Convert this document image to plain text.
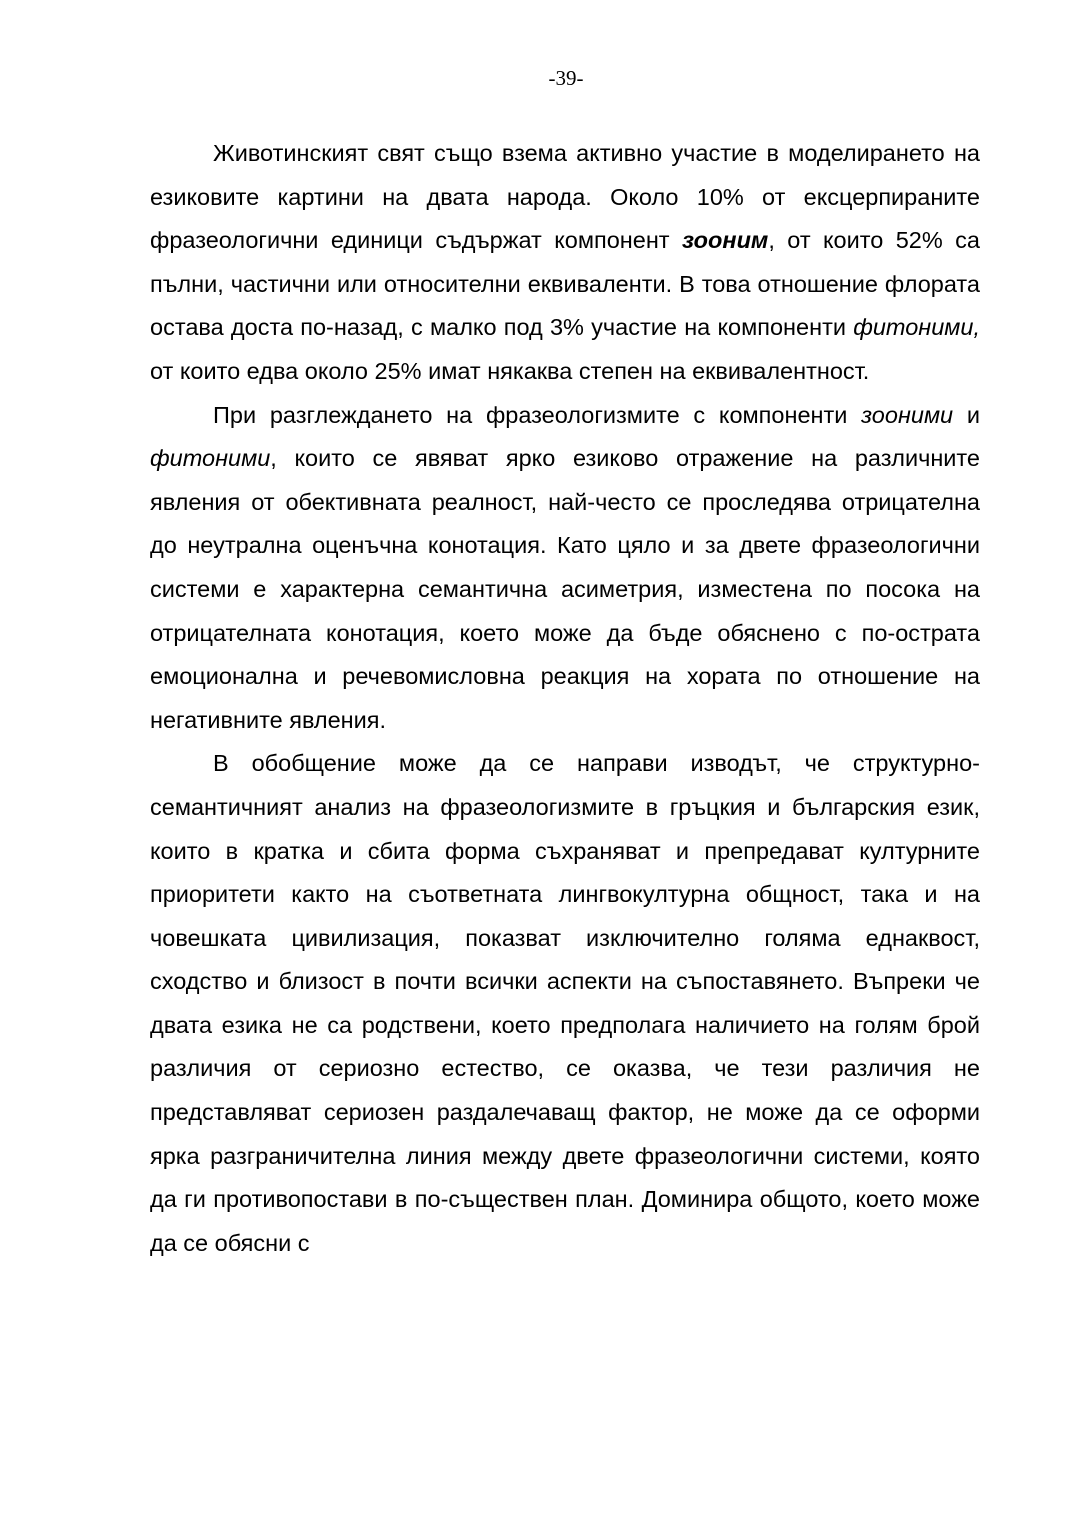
-39-

Животинският свят също взема активно участие в моделирането на езиковите картини на двата народа. Около 10% от ексцерпираните фразеологични единици съдържат компонент зооним, от които 52% са пълни, частични или относителни еквиваленти. В това отношение флората остава доста по-назад, с малко под 3% участие на компоненти фитоними, от които едва около 25% имат някаква степен на еквивалентност.

При разглеждането на фразеологизмите с компоненти зооними и фитоними, които се явяват ярко езиково отражение на различните явления от обективната реалност, най-често се проследява отрицателна до неутрална оценъчна конотация. Като цяло и за двете фразеологични системи е характерна семантична асиметрия, изместена по посока на отрицателната конотация, което може да бъде обяснено с по-острата емоционална и речевомисловна реакция на хората по отношение на негативните явления.

В обобщение може да се направи изводът, че структурно-семантичният анализ на фразеологизмите в гръцкия и българския език, които в кратка и сбита форма съхраняват и препредават културните приоритети както на съответната лингвокултурна общност, така и на човешката цивилизация, показват изключително голяма еднаквост, сходство и близост в почти всички аспекти на съпоставянето. Въпреки че двата езика не са родствени, което предполага наличието на голям брой различия от сериозно естество, се оказва, че тези различия не представляват сериозен раздалечаващ фактор, не може да се оформи ярка разграничителна линия между двете фразеологични системи, която да ги противопостави в по-съществен план. Доминира общото, което може да се обясни с
